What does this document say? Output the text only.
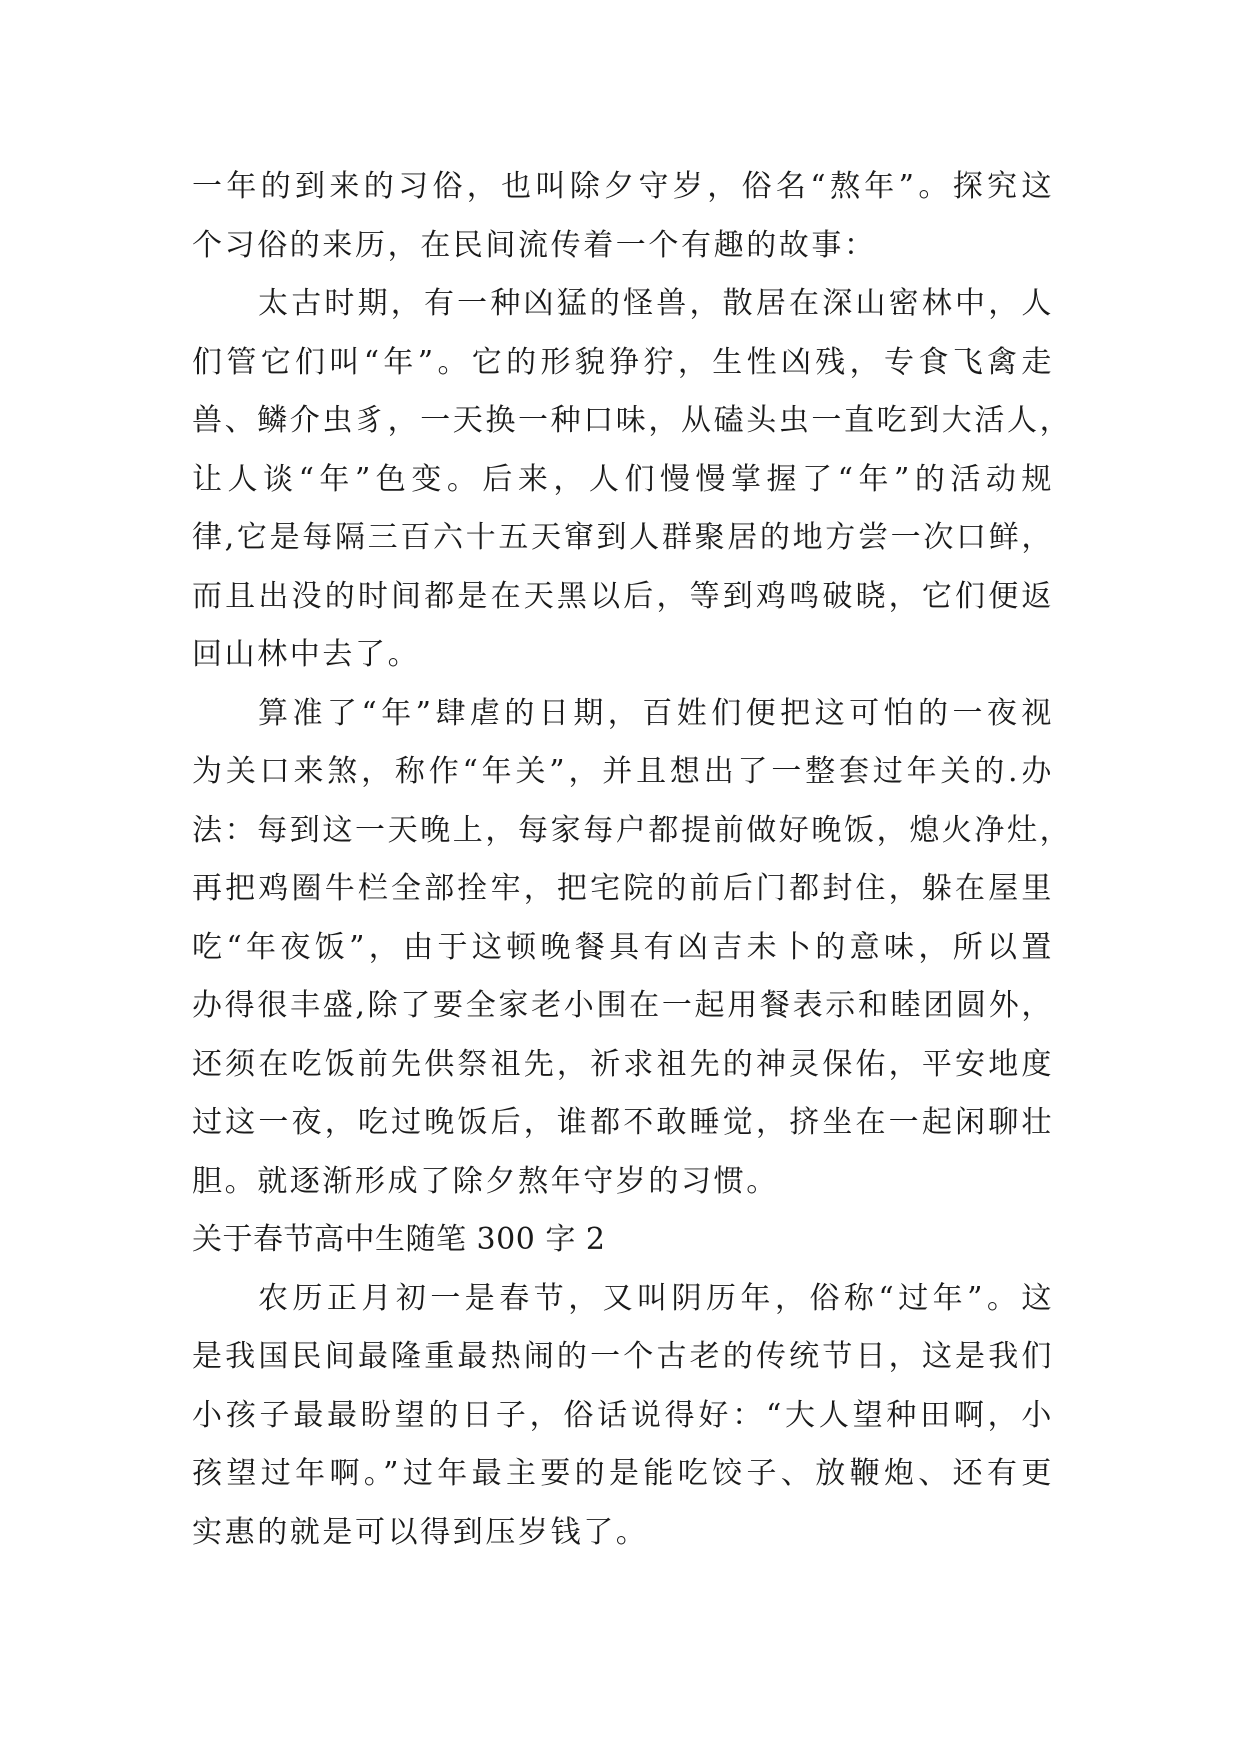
一年的到来的习俗，也叫除夕守岁，俗名“熬年”。探究这
个习俗的来历，在民间流传着一个有趣的故事：
太古时期，有一种凶猛的怪兽，散居在深山密林中，人
们管它们叫“年”。它的形貌狰狞，生性凶残，专食飞禽走
兽、鳞介虫豸，一天换一种口味，从磕头虫一直吃到大活人，
让人谈“年”色变。后来，人们慢慢掌握了“年”的活动规
律,它是每隔三百六十五天窜到人群聚居的地方尝一次口鲜，
而且出没的时间都是在天黑以后，等到鸡鸣破晓，它们便返
回山林中去了。
算准了“年”肆虐的日期，百姓们便把这可怕的一夜视
为关口来煞，称作“年关”，并且想出了一整套过年关的.办
法：每到这一天晚上，每家每户都提前做好晚饭，熄火净灶，
再把鸡圈牛栏全部拴牢，把宅院的前后门都封住，躲在屋里
吃“年夜饭”，由于这顿晚餐具有凶吉未卜的意味，所以置
办得很丰盛,除了要全家老小围在一起用餐表示和睦团圆外，
还须在吃饭前先供祭祖先，祈求祖先的神灵保佑，平安地度
过这一夜，吃过晚饭后，谁都不敢睡觉，挤坐在一起闲聊壮
胆。就逐渐形成了除夕熬年守岁的习惯。
关于春节高中生随笔 300 字 2
农历正月初一是春节，又叫阴历年，俗称“过年”。这
是我国民间最隆重最热闹的一个古老的传统节日，这是我们
小孩子最最盼望的日子，俗话说得好：“大人望种田啊，小
孩望过年啊。”过年最主要的是能吃饺子、放鞭炮、还有更
实惠的就是可以得到压岁钱了。
